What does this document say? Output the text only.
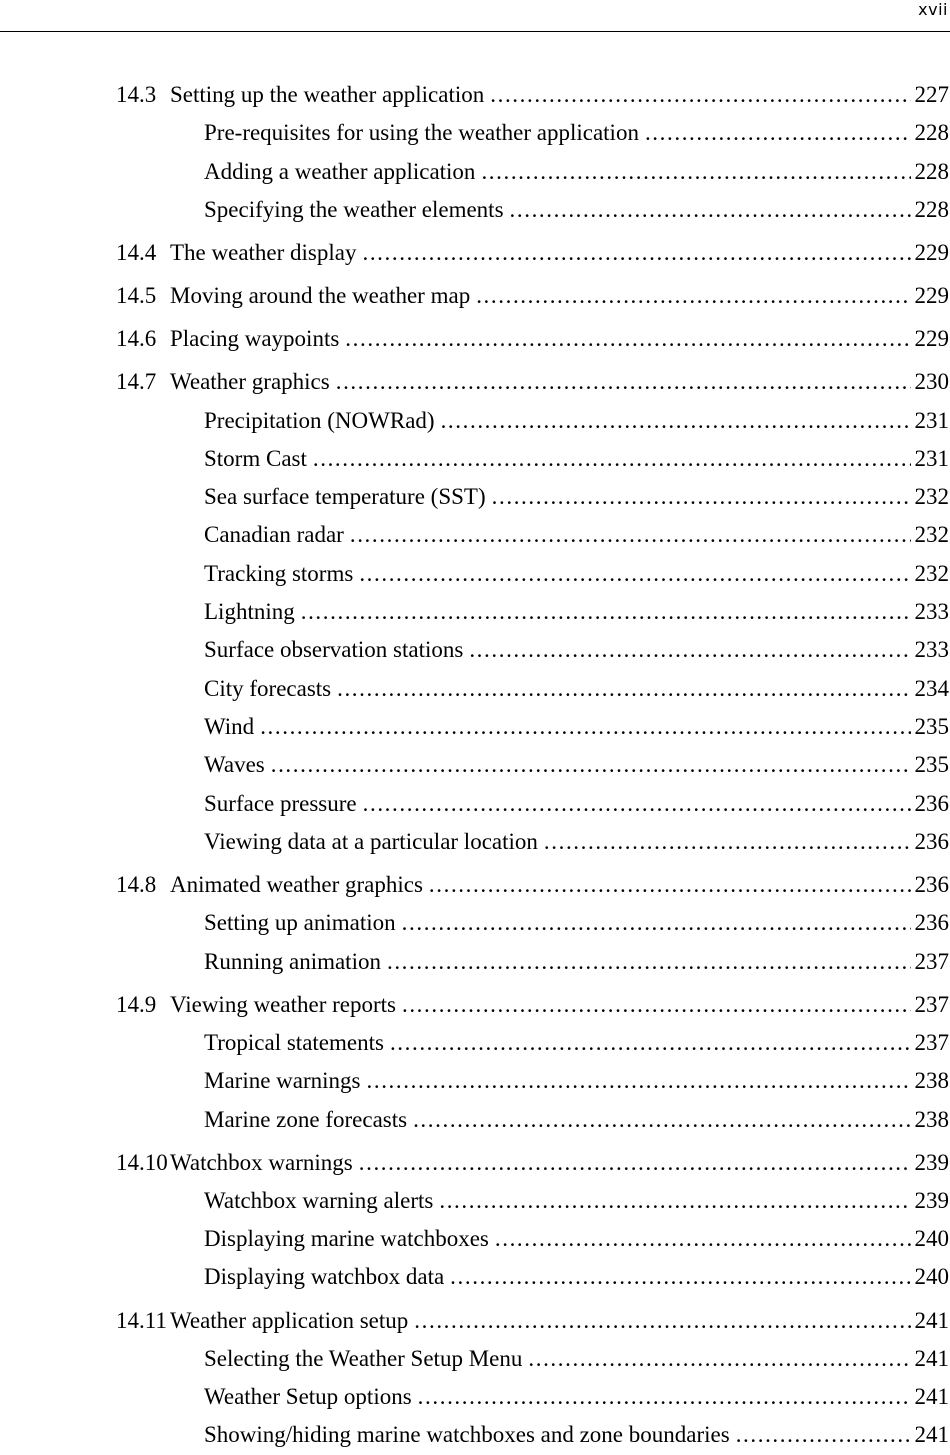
xvii
14.3 Setting up the weather application .....	227
Pre-requisites for using the weather application .....	228
Adding a weather application .....	228
Specifying the weather elements .....	228
14.4 The weather display .....	229
14.5 Moving around the weather map .....	229
14.6 Placing waypoints .....	229
14.7 Weather graphics .....	230
Precipitation (NOWRad) .....	231
Storm Cast .....	231
Sea surface temperature (SST) .....	232
Canadian radar .....	232
Tracking storms .....	232
Lightning .....	233
Surface observation stations .....	233
City forecasts .....	234
Wind .....	235
Waves .....	235
Surface pressure .....	236
Viewing data at a particular location .....	236
14.8 Animated weather graphics .....	236
Setting up animation .....	236
Running animation .....	237
14.9 Viewing weather reports .....	237
Tropical statements .....	237
Marine warnings .....	238
Marine zone forecasts .....	238
14.10 Watchbox warnings .....	239
Watchbox warning alerts .....	239
Displaying marine watchboxes .....	240
Displaying watchbox data .....	240
14.11 Weather application setup .....	241
Selecting the Weather Setup Menu .....	241
Weather Setup options .....	241
Showing/hiding marine watchboxes and zone boundaries .....	241
